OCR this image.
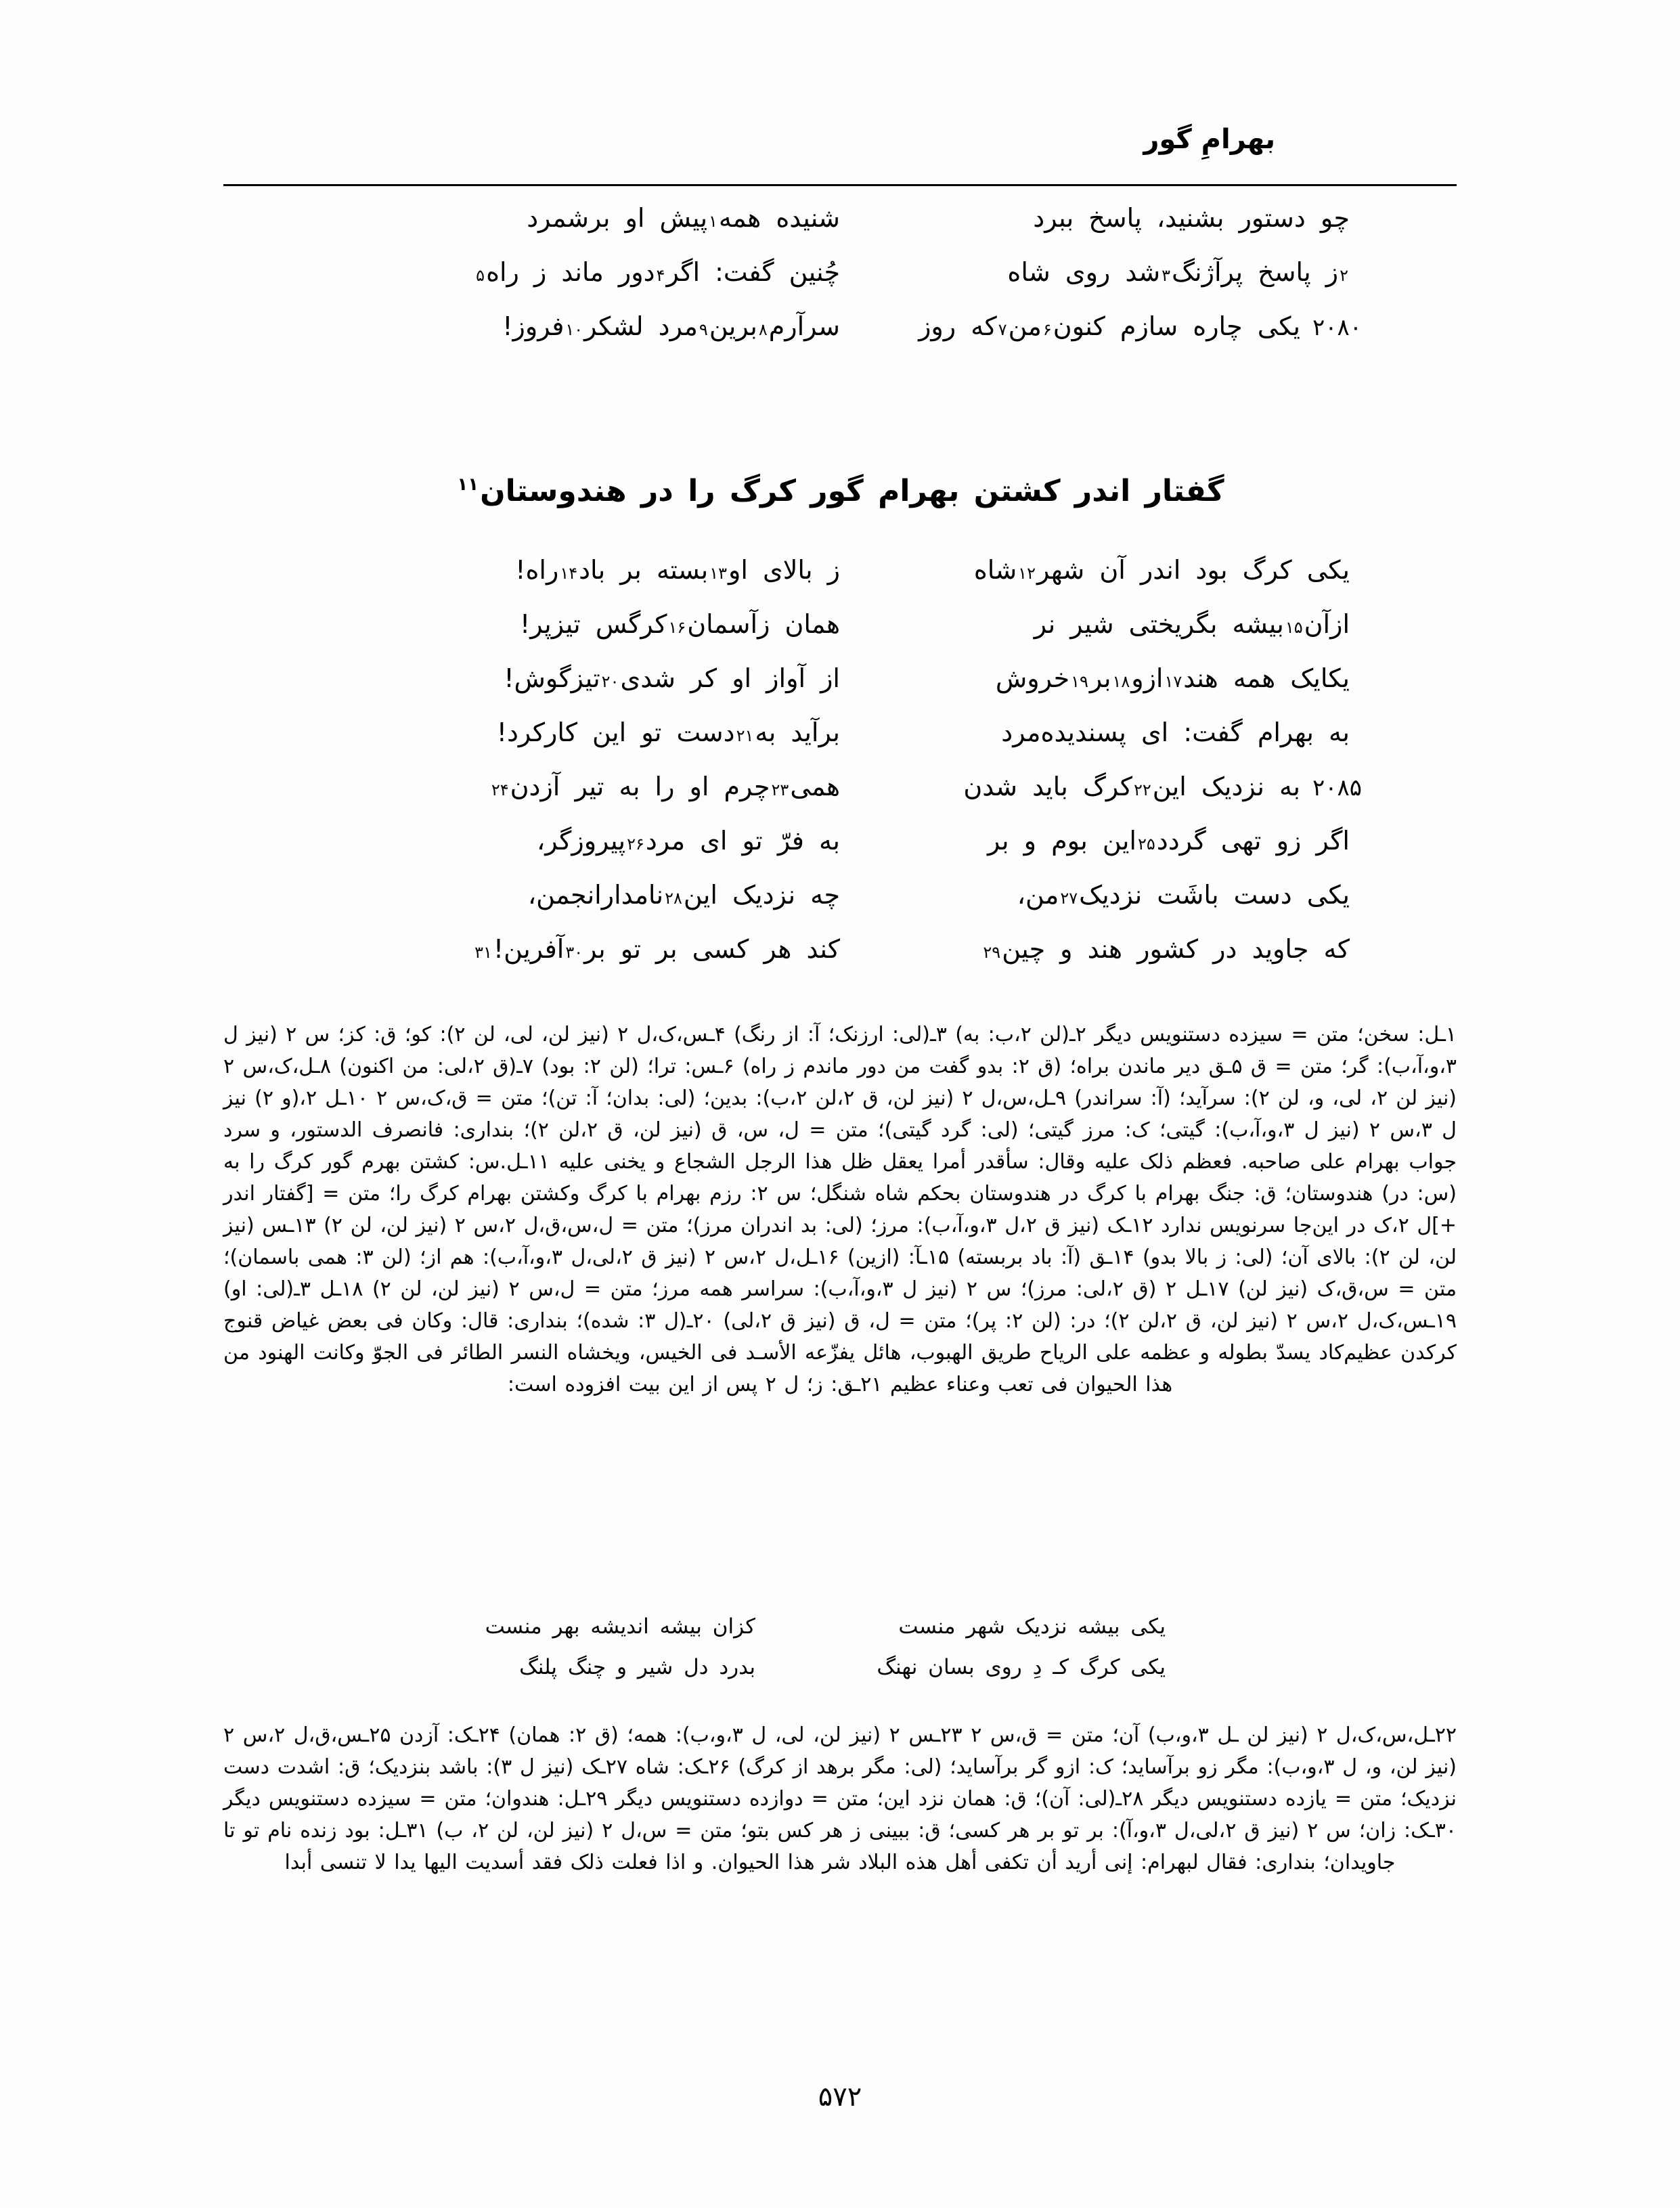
بهرامِ گور
چو دستور بشنید، پاسخ ببرد
شنیده همه
۱
پیش او برشمرد
۲
ز پاسخ پرآژنگ
۳
شد روی شاه
چُنین گفت: اگر
۴
دور ماند ز راه
۵
۲۰۸۰
یکی چاره سازم کنون
۶
من
۷
که روز
سرآرم
۸
برین
۹
مرد لشکر
۱۰
فروز!
گفتار اندر کشتن بهرام گور کرگ را در هندوستان$^{۱۱}$
یکی کرگ بود اندر آن شهر
۱۲
شاه
ز بالای او
۱۳
بسته بر باد
۱۴
راه!
ازآن
۱۵
بیشه بگریختی شیر نر
همان زآسمان
۱۶
کرگس تیزپر!
یکایک همه هند
۱۷
ازو
۱۸
بر
۱۹
خروش
از آواز او کر شدی
۲۰
تیزگوش!
به بهرام گفت: ای پسندیده‌مرد
برآید به
۲۱
دست تو این کارکرد!
۲۰۸۵
به نزدیک این
۲۲
کرگ باید شدن
همی
۲۳
چرم او را به تیر آزدن
۲۴
اگر زو تهی گردد
۲۵
این بوم و بر
به فرّ تو ای مرد
۲۶
پیروزگر،
یکی دست باشَت نزدیک
۲۷
من،
چه نزدیک این
۲۸
نامدارانجمن،
که جاوید در کشور هند و چین
۲۹
کند هر کسی بر تو بر
۳۰
آفرین!
۳۱

۱ـل: سخن؛ متن = سیزده دستنویس دیگر ۲ـ(لن ۲،ب: به) ۳ـ(لی: ارزنک؛ آ: از رنگ) ۴ـس،ک،ل ۲ (نیز لن، لی، لن ۲): کو؛ ق: کز؛ س ۲ (نیز ل ۳،و،آ،ب): گر؛ متن = ق ۵ـق دیر ماندن براه؛ (ق ۲: بدو گفت من دور ماندم ز راه) ۶ـس: ترا؛ (لن ۲: بود) ۷ـ(ق ۲،لی: من اکنون) ۸ـل،ک،س ۲ (نیز لن ۲، لی، و، لن ۲): سرآید؛ (آ: سراندر) ۹ـل،س،ل ۲ (نیز لن، ق ۲،لن ۲،ب): بدین؛ (لی: بدان؛ آ: تن)؛ متن = ق،ک،س ۲ ۱۰ـل ۲،(و ۲) نیز ل ۳،س ۲ (نیز ل ۳،و،آ،ب): گیتی؛ ک: مرز گیتی؛ (لی: گرد گیتی)؛ متن = ل، س، ق (نیز لن، ق ۲،لن ۲)؛ بنداری: فانصرف الدستور، و سرد جواب بهرام علی صاحبه. فعظم ذلک علیه وقال: سأقدر أمرا یعقل ظل هذا الرجل الشجاع و یخنی علیه ۱۱ـل.س: کشتن بهرم گور کرگ را به (س: در) هندوستان؛ ق: جنگ بهرام با کرگ در هندوستان بحکم شاه شنگل؛ س ۲: رزم بهرام با کرگ وکشتن بهرام کرگ را؛ متن = [گفتار اندر +]ل ۲،ک در این‌جا سرنویس ندارد ۱۲ـک (نیز ق ۲،ل ۳،و،آ،ب): مرز؛ (لی: بد اندران مرز)؛ متن = ل،س،ق،ل ۲،س ۲ (نیز لن، لن ۲) ۱۳ـس (نیز لن، لن ۲): بالای آن؛ (لی: ز بالا بدو) ۱۴ـق (آ: باد بربسته) ۱۵ـآ: (ازین) ۱۶ـل،ل ۲،س ۲ (نیز ق ۲،لی،ل ۳،و،آ،ب): هم از؛ (لن ۳: همی باسمان)؛ متن = س،ق،ک (نیز لن) ۱۷ـل ۲ (ق ۲،لی: مرز)؛ س ۲ (نیز ل ۳،و،آ،ب): سراسر همه مرز؛ متن = ل،س ۲ (نیز لن، لن ۲) ۱۸ـل ۳ـ(لی: او) ۱۹ـس،ک،ل ۲،س ۲ (نیز لن، ق ۲،لن ۲)؛ در: (لن ۲: پر)؛ متن = ل، ق (نیز ق ۲،لی) ۲۰ـ(ل ۳: شده)؛ بنداری: قال: وکان فی بعض غیاض قنوج کرکدن عظیم‌کاد یسدّ بطوله و عظمه علی الریاح طریق الهبوب، هائل یفزّعه الأسـد فی الخیس، ویخشاه النسر الطائر فی الجوّ وکانت الهنود من هذا الحیوان فی تعب وعناء عظیم ۲۱ـق: ز؛ ل ۲ پس از این بیت افزوده است:

یکی بیشه نزدیک شهر منست
کزان بیشه اندیشه بهر منست
یکی کرگ کـ دِ روی بسان نهنگ
بدرد دل شیر و چنگ پلنگ

۲۲ـل،س،ک،ل ۲ (نیز لن ـل ۳،و،ب) آن؛ متن = ق،س ۲ ۲۳ـس ۲ (نیز لن، لی، ل ۳،و،ب): همه؛ (ق ۲: همان) ۲۴ـک: آزدن ۲۵ـس،ق،ل ۲،س ۲ (نیز لن، و، ل ۳،و،ب): مگر زو برآساید؛ ک: ازو گر برآساید؛ (لی: مگر برهد از کرگ) ۲۶ـک: شاه ۲۷ـک (نیز ل ۳): باشد بنزدیک؛ ق: اشدت دست نزدیک؛ متن = یازده دستنویس دیگر ۲۸ـ(لی: آن)؛ ق: همان نزد این؛ متن = دوازده دستنویس دیگر ۲۹ـل: هندوان؛ متن = سیزده دستنویس دیگر ۳۰ـک: زان؛ س ۲ (نیز ق ۲،لی،ل ۳،و،آ): بر تو بر هر کسی؛ ق: ببینی ز هر کس بتو؛ متن = س،ل ۲ (نیز لن، لن ۲، ب) ۳۱ـل: بود زنده نام تو تا جاویدان؛ بنداری: فقال لبهرام: إنی أرید أن تکفی أهل هذه البلاد شر هذا الحیوان. و اذا فعلت ذلک فقد أسدیت الیها یدا لا تنسی أبدا

۵۷۲
